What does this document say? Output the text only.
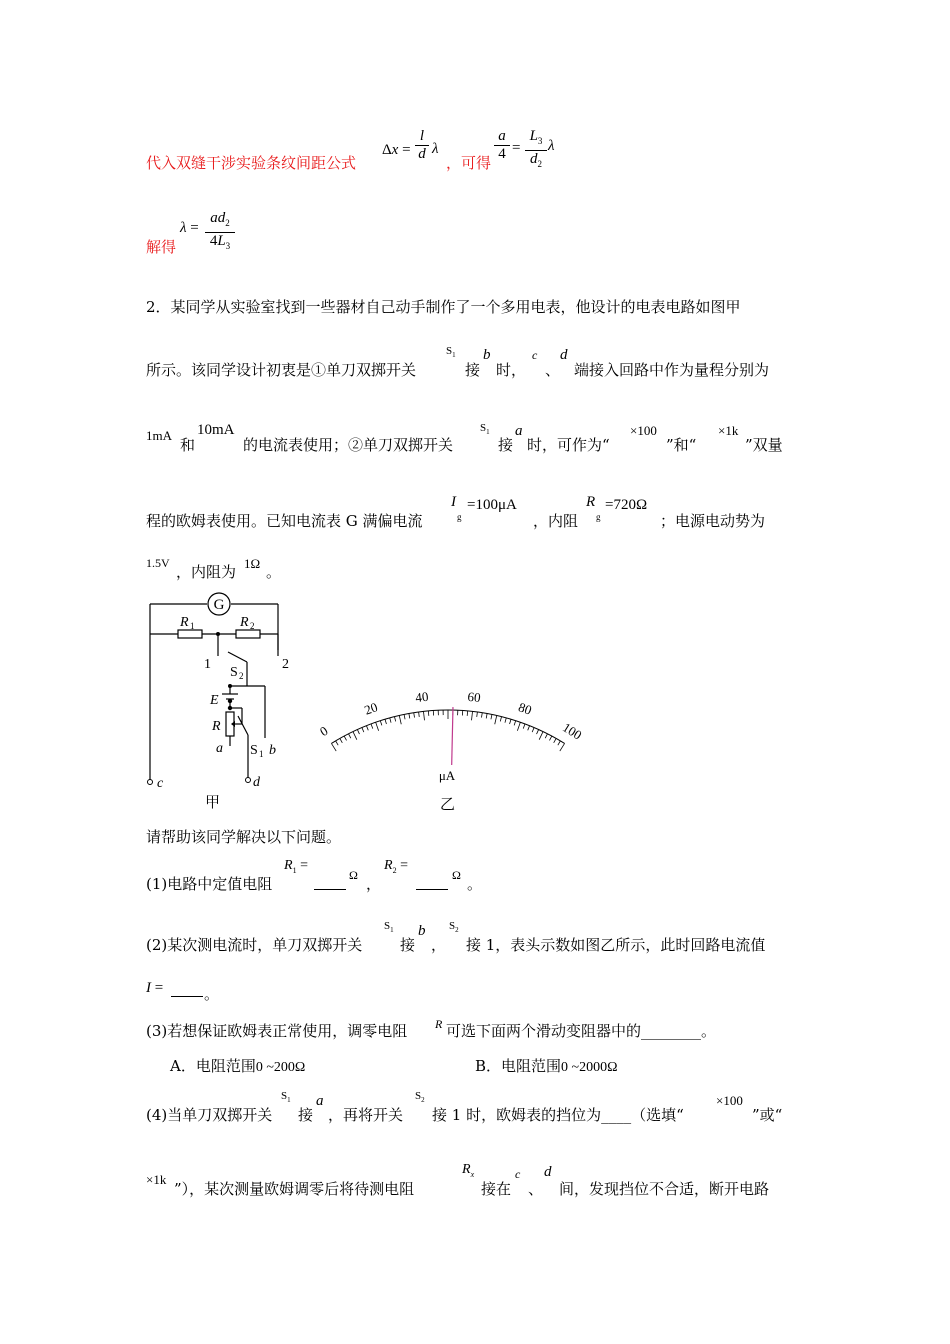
代入双缝干涉实验条纹间距公式
$\Delta x = \frac{l}{d}$ λ
，可得 $\frac{a}{4} = \frac{L_3}{d_2}$ λ
解得
$\lambda = \frac{ad_2}{4L_3}$
2．某同学从实验室找到一些器材自己动手制作了一个多用电表，他设计的电表电路如图甲
所示。该同学设计初衷是①单刀双掷开关
$S_1$
接
b
时，
c
、
d
端接入回路中作为量程分别为
1mA
和
10mA
的电流表使用；②单刀双掷开关
$S_1$
接
a
时，可作为“
×100
”和“
×1k
”双量
程的欧姆表使用。已知电流表 G 满偏电流
I
g
=100μA
，内阻
R
g
=720Ω
；电源电动势为
1.5V ，内阻为 1Ω 。
G
R 1	R 2
1	2
S 2
E
R
a S 1 b
c	d
甲
0
20
40	60
80
100
μA
乙
请帮助该同学解决以下问题。
(1)电路中定值电阻
$R_1$ =
Ω ，
$R_2$ =
Ω 。
(2)某次测电流时，单刀双掷开关
$S_1$
接
b
，
$S_2$
接 1，表头示数如图乙所示，此时回路电流值
I =	。
(3)若想保证欧姆表正常使用，调零电阻 R 可选下面两个滑动变阻器中的________。
A．电阻范围0 ~200Ω	B．电阻范围0 ~2000Ω
(4)当单刀双掷开关
$S_1$
接
a
，再将开关
$S_2$
接 1 时，欧姆表的挡位为____（选填“
×100
”或“
×1k
”），某次测量欧姆调零后将待测电阻
$R_x$
接在
c
、
d
间，发现挡位不合适，断开电路
